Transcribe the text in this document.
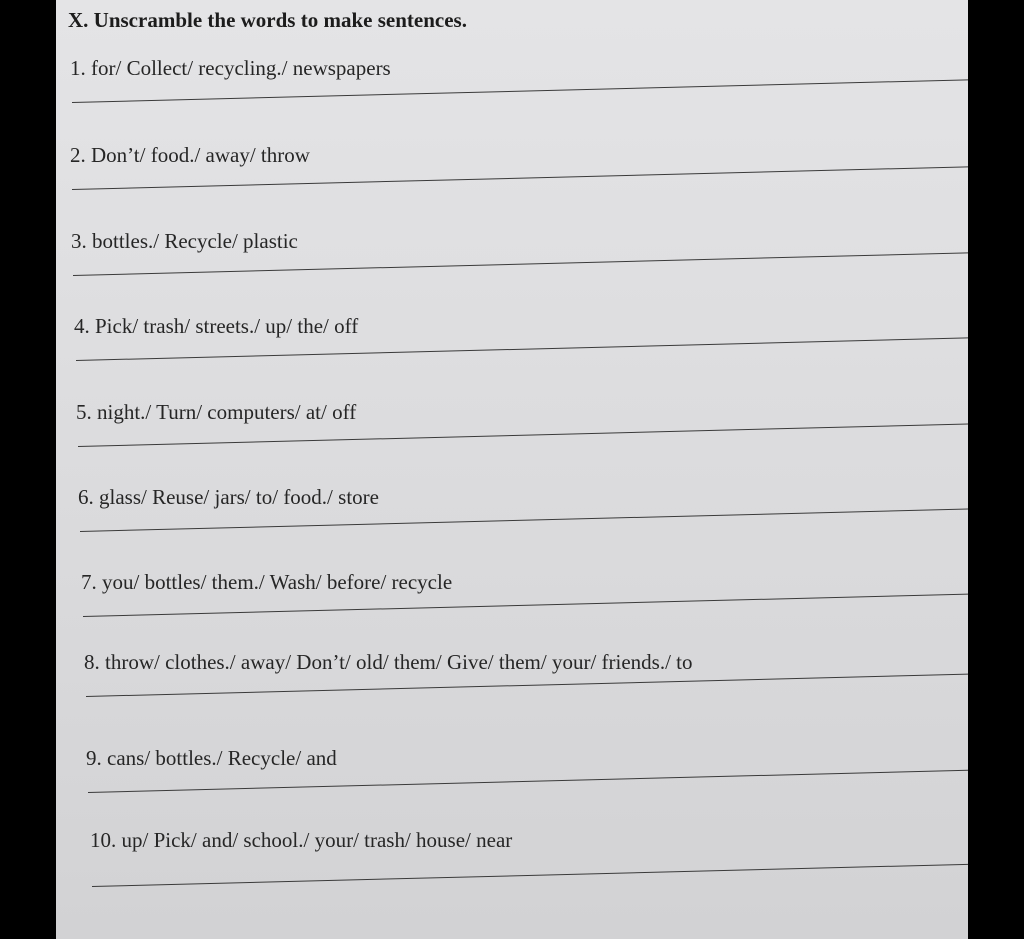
X. Unscramble the words to make sentences.
1. for/ Collect/ recycling./ newspapers
2. Don’t/ food./ away/ throw
3. bottles./ Recycle/ plastic
4. Pick/ trash/ streets./ up/ the/ off
5. night./ Turn/ computers/ at/ off
6. glass/ Reuse/ jars/ to/ food./ store
7. you/ bottles/ them./ Wash/ before/ recycle
8. throw/ clothes./ away/ Don’t/ old/ them/ Give/ them/ your/ friends./ to
9. cans/ bottles./ Recycle/ and
10. up/ Pick/ and/ school./ your/ trash/ house/ near
